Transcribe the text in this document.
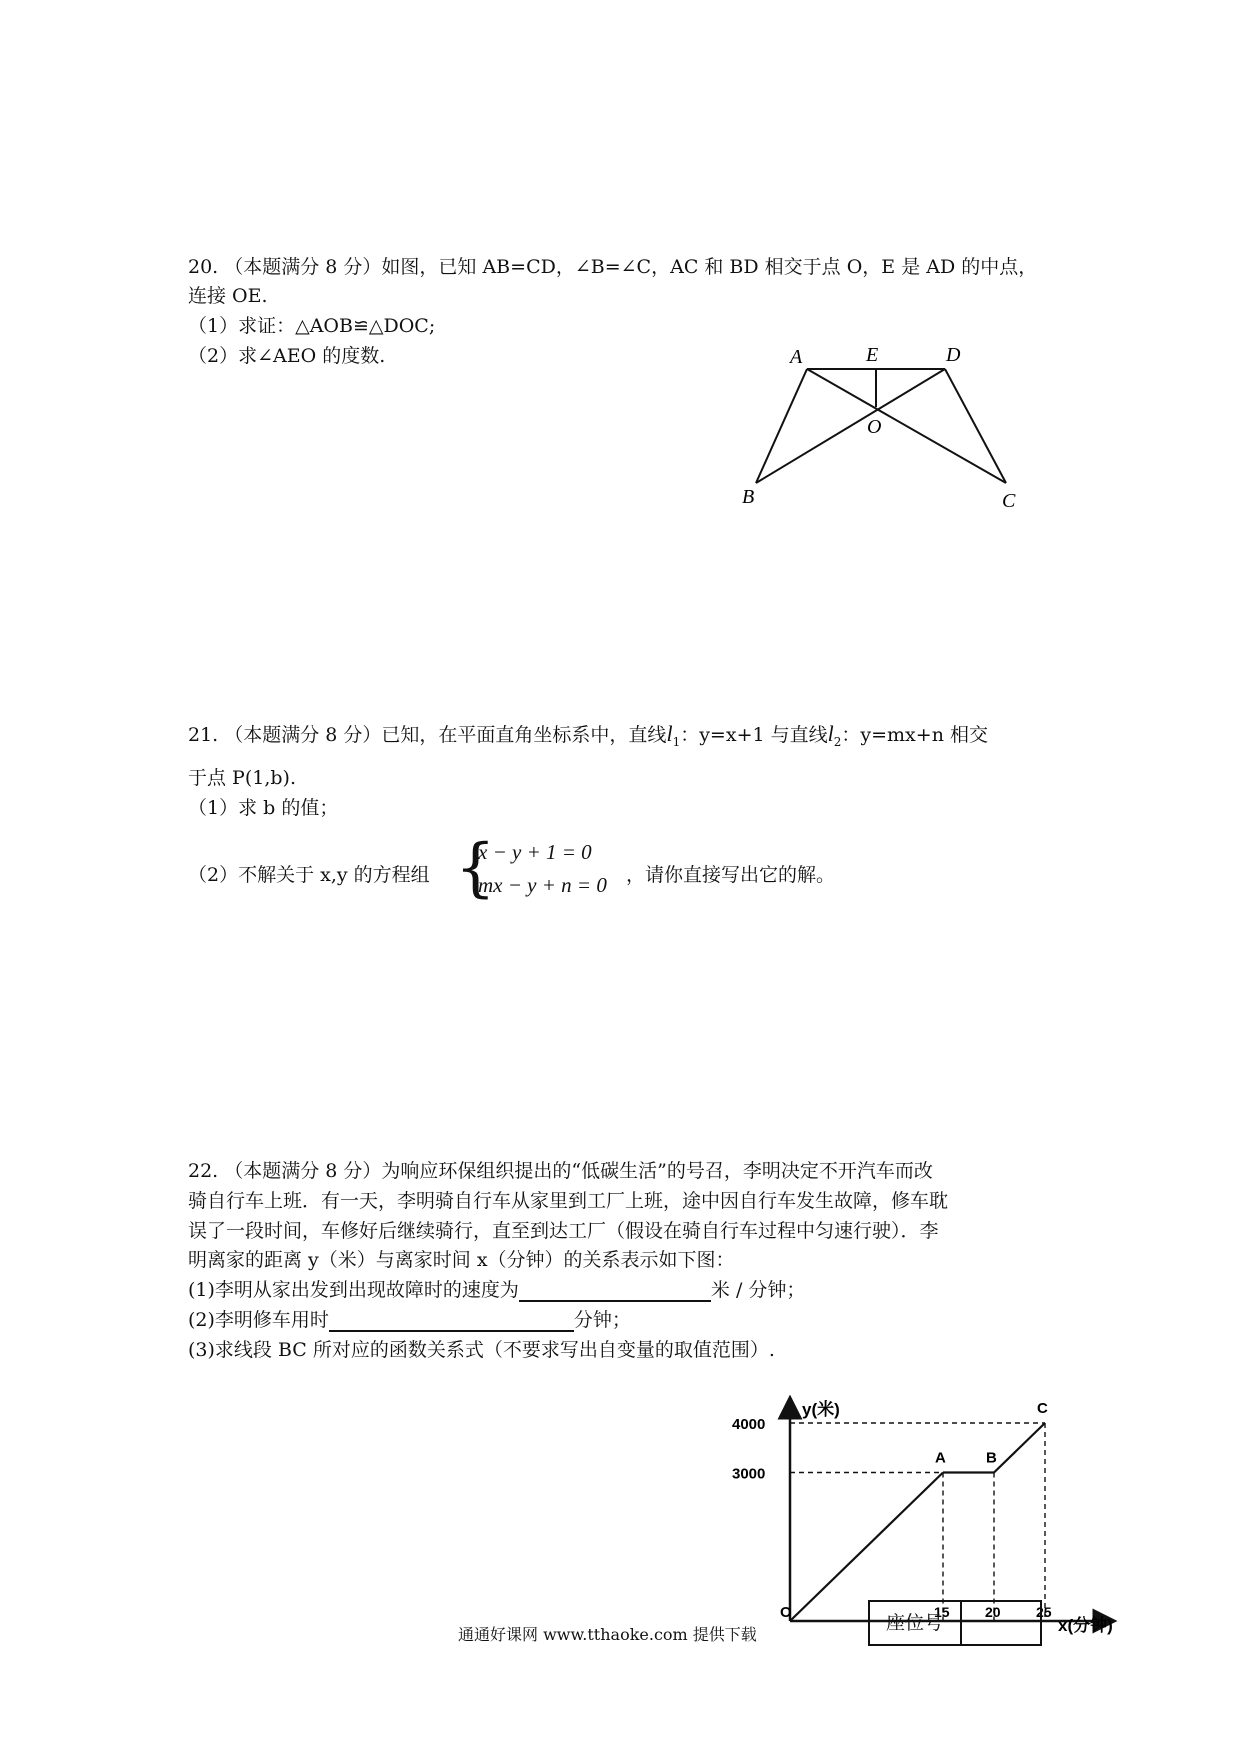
20. （本题满分 8 分）如图，已知 AB=CD，∠B=∠C，AC 和 BD 相交于点 O，E 是 AD 的中点，
连接 OE.
（1）求证：△AOB≌△DOC;
（2）求∠AEO 的度数.	A	E	D
O
B	C
21. （本题满分 8 分）已知，在平面直角坐标系中，直线$l_1$：y=x+1 与直线$l_2$：y=mx+n 相交
于点 P(1,b).
（1）求 b 的值；
（2）不解关于 x,y 的方程组 {
x − y + 1 = 0
mx − y + n = 0 ，请你直接写出它的解。
22. （本题满分 8 分）为响应环保组织提出的“低碳生活”的号召，李明决定不开汽车而改
骑自行车上班．有一天，李明骑自行车从家里到工厂上班，途中因自行车发生故障，修车耽
误了一段时间，车修好后继续骑行，直至到达工厂（假设在骑自行车过程中匀速行驶）．李
明离家的距离 y（米）与离家时间 x（分钟）的关系表示如下图：
(1)李明从家出发到出现故障时的速度为	米 / 分钟；
(2)李明修车用时	分钟；
(3)求线段 BC 所对应的函数关系式（不要求写出自变量的取值范围）.
y(米)
x(分钟)
O
A	B
C
15	20	25
3000
4000
通通好课网 www.tthaoke.com 提供下载
座位号
